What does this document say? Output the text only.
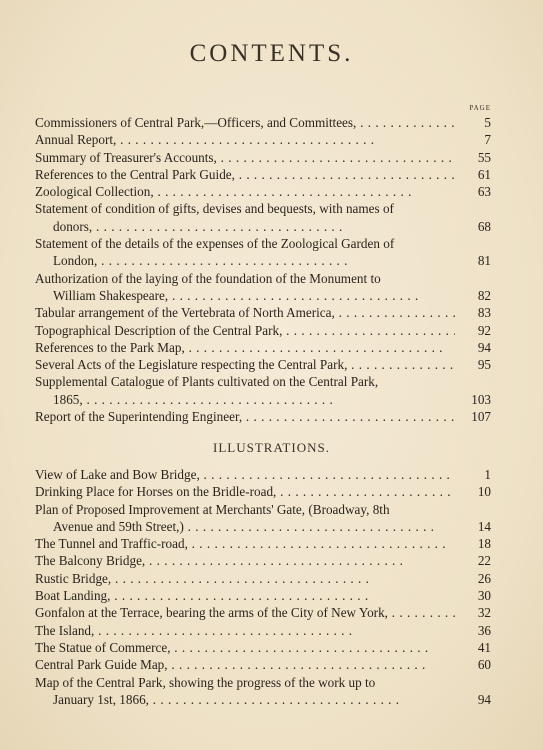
CONTENTS.
PAGE
Commissioners of Central Park,—Officers, and Committees, . .	5
Annual Report, . .	7
Summary of Treasurer's Accounts, . .	55
References to the Central Park Guide, . .	61
Zoological Collection, . .	63
Statement of condition of gifts, devises and bequests, with names of
donors, . .	68
Statement of the details of the expenses of the Zoological Garden of
London, . .	81
Authorization of the laying of the foundation of the Monument to
William Shakespeare, . .	82
Tabular arrangement of the Vertebrata of North America, . .	83
Topographical Description of the Central Park, . .	92
References to the Park Map, . .	94
Several Acts of the Legislature respecting the Central Park, . .	95
Supplemental Catalogue of Plants cultivated on the Central Park,
1865, . .	103
Report of the Superintending Engineer, . .	107
ILLUSTRATIONS.
View of Lake and Bow Bridge, . .	1
Drinking Place for Horses on the Bridle-road, . .	10
Plan of Proposed Improvement at Merchants' Gate, (Broadway, 8th
Avenue and 59th Street,) . .	14
The Tunnel and Traffic-road, . .	18
The Balcony Bridge, . .	22
Rustic Bridge, . .	26
Boat Landing, . .	30
Gonfalon at the Terrace, bearing the arms of the City of New York, . .	32
The Island, . .	36
The Statue of Commerce, . .	41
Central Park Guide Map, . .	60
Map of the Central Park, showing the progress of the work up to
January 1st, 1866, . .	94
